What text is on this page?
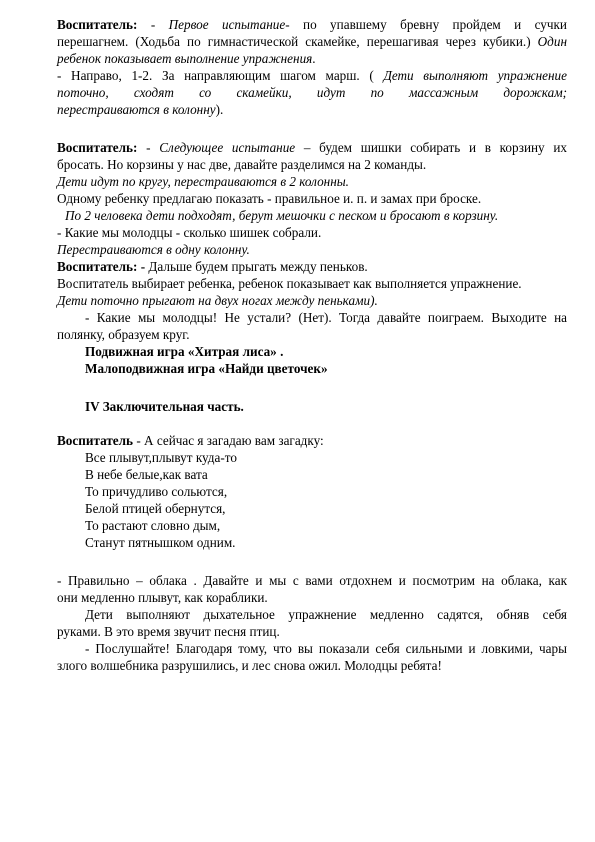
Воспитатель: - Первое испытание- по упавшему бревну пройдем и сучки
перешагнем. (Ходьба по гимнастической скамейке, перешагивая через кубики.) Один
ребенок показывает выполнение упражнения.
- Направо, 1-2. За направляющим шагом марш. ( Дети выполняют упражнение
поточно, сходят со скамейки, идут по массажным дорожкам;
перестраиваются в колонну).
Воспитатель: - Следующее испытание – будем шишки собирать и в корзину их
бросать. Но корзины у нас две, давайте разделимся на 2 команды.
Дети идут по кругу, перестраиваются в 2 колонны.
Одному ребенку предлагаю показать - правильное и. п. и замах при броске.
По 2 человека дети подходят, берут мешочки с песком и бросают в корзину.
- Какие мы молодцы - сколько шишек собрали.
Перестраиваются в одну колонну.
Воспитатель: - Дальше будем прыгать между пеньков.
Воспитатель выбирает ребенка, ребенок показывает как выполняется упражнение.
Дети поточно прыгают на двух ногах между пеньками).
- Какие мы молодцы! Не устали? (Нет). Тогда давайте поиграем. Выходите на
полянку, образуем круг.
Подвижная игра «Хитрая лиса» .
Малоподвижная игра «Найди цветочек»
IV Заключительная часть.
Воспитатель - А сейчас я загадаю вам загадку:
Все плывут,плывут куда-то
В небе белые,как вата
То причудливо сольются,
Белой птицей обернутся,
То растают словно дым,
Станут пятнышком одним.
- Правильно – облака . Давайте и мы с вами отдохнем и посмотрим на облака, как
они медленно плывут, как кораблики.
Дети выполняют дыхательное упражнение медленно садятся, обняв себя
руками. В это время звучит песня птиц.
- Послушайте! Благодаря тому, что вы показали себя сильными и ловкими, чары
злого волшебника разрушились, и лес снова ожил. Молодцы ребята!
